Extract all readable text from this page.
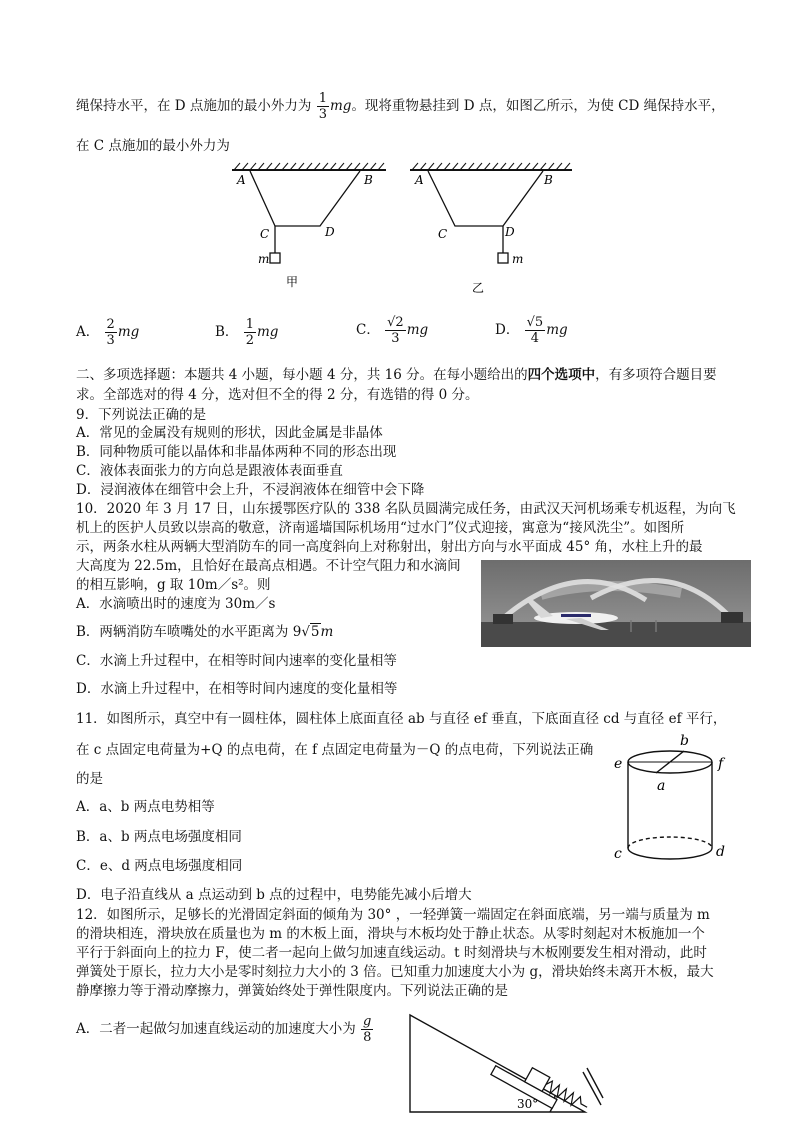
绳保持水平，在 D 点施加的最小外力为 $\frac{1}{3}$ mg。现将重物悬挂到 D 点，如图乙所示，为使 CD 绳保持水平，
在 C 点施加的最小外力为
A	B
C	D
m
甲
A	B
C	D
m
乙
A． $\frac{2}{3}$ mg	B． $\frac{1}{2}$ mg	C． $\frac{√2}{3}$ mg	D． $\frac{√5}{4}$ mg
二、多项选择题：本题共 4 小题，每小题 4 分，共 16 分。在每小题给出的四个选项中，有多项符合题目要
求。全部选对的得 4 分，选对但不全的得 2 分，有选错的得 0 分。
9．下列说法正确的是
A．常见的金属没有规则的形状，因此金属是非晶体
B．同种物质可能以晶体和非晶体两种不同的形态出现
C．液体表面张力的方向总是跟液体表面垂直
D．浸润液体在细管中会上升，不浸润液体在细管中会下降
10．2020 年 3 月 17 日，山东援鄂医疗队的 338 名队员圆满完成任务，由武汉天河机场乘专机返程，为向飞
机上的医护人员致以崇高的敬意，济南遥墙国际机场用“过水门”仪式迎接，寓意为“接风洗尘”。如图所
示，两条水柱从两辆大型消防车的同一高度斜向上对称射出，射出方向与水平面成 45° 角，水柱上升的最
大高度为 22.5m，且恰好在最高点相遇。不计空气阻力和水滴间
的相互影响，g 取 10m／s²。则
A．水滴喷出时的速度为 30m／s
B．两辆消防车喷嘴处的水平距离为 9√5m
C．水滴上升过程中，在相等时间内速率的变化量相等
D．水滴上升过程中，在相等时间内速度的变化量相等
11．如图所示，真空中有一圆柱体，圆柱体上底面直径 ab 与直径 ef 垂直，下底面直径 cd 与直径 ef 平行，
在 c 点固定电荷量为+Q 的点电荷，在 f 点固定电荷量为－Q 的点电荷，下列说法正确
的是
A．a、b 两点电势相等
B．a、b 两点电场强度相同
C．e、d 两点电场强度相同
D．电子沿直线从 a 点运动到 b 点的过程中，电势能先减小后增大
b
e	f
a
c	d
12．如图所示，足够长的光滑固定斜面的倾角为 30° ，一轻弹簧一端固定在斜面底端，另一端与质量为 m
的滑块相连，滑块放在质量也为 m 的木板上面，滑块与木板均处于静止状态。从零时刻起对木板施加一个
平行于斜面向上的拉力 F，使二者一起向上做匀加速直线运动。t 时刻滑块与木板刚要发生相对滑动，此时
弹簧处于原长，拉力大小是零时刻拉力大小的 3 倍。已知重力加速度大小为 g，滑块始终未离开木板，最大
静摩擦力等于滑动摩擦力，弹簧始终处于弹性限度内。下列说法正确的是
A．二者一起做匀加速直线运动的加速度大小为 $\frac{g}{8}$
30°
